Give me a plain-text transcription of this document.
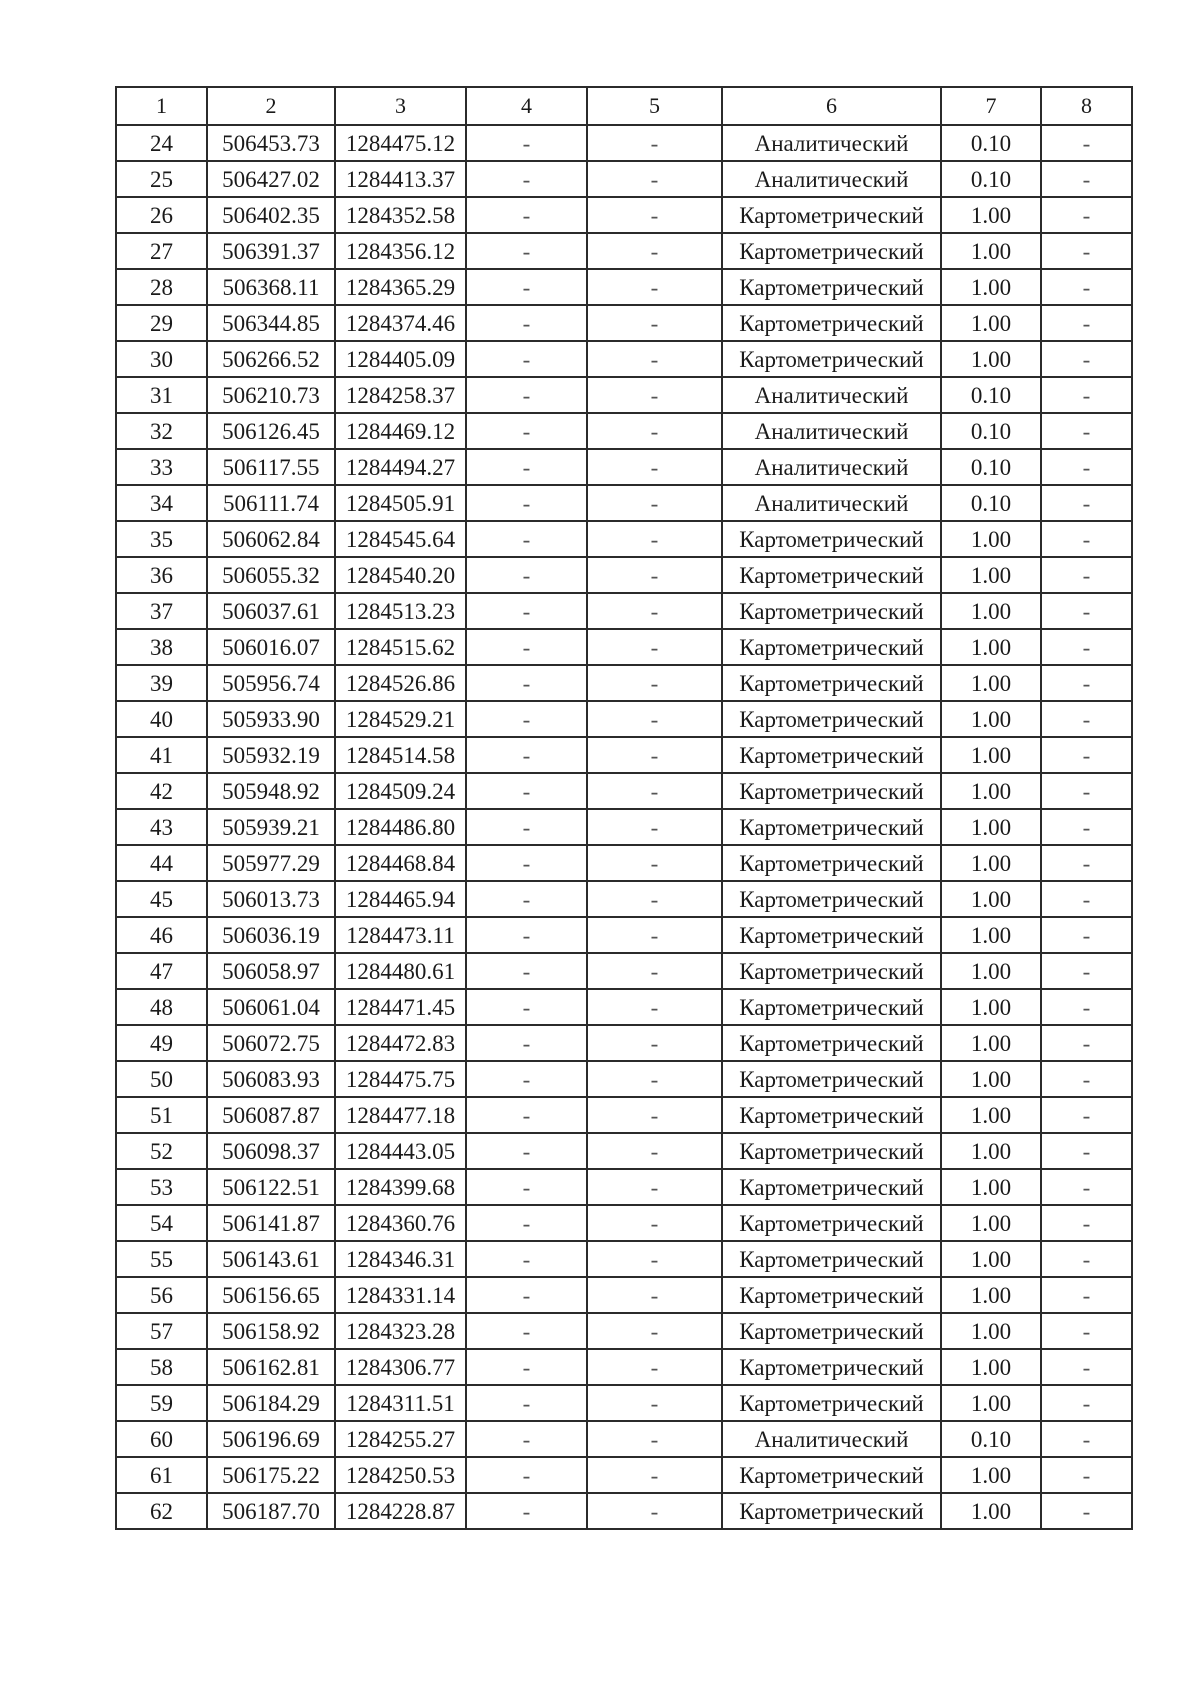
1	2	3	4	5	6	7	8
24	506453.73	1284475.12	-	-	Аналитический	0.10	-
25	506427.02	1284413.37	-	-	Аналитический	0.10	-
26	506402.35	1284352.58	-	-	Картометрический	1.00	-
27	506391.37	1284356.12	-	-	Картометрический	1.00	-
28	506368.11	1284365.29	-	-	Картометрический	1.00	-
29	506344.85	1284374.46	-	-	Картометрический	1.00	-
30	506266.52	1284405.09	-	-	Картометрический	1.00	-
31	506210.73	1284258.37	-	-	Аналитический	0.10	-
32	506126.45	1284469.12	-	-	Аналитический	0.10	-
33	506117.55	1284494.27	-	-	Аналитический	0.10	-
34	506111.74	1284505.91	-	-	Аналитический	0.10	-
35	506062.84	1284545.64	-	-	Картометрический	1.00	-
36	506055.32	1284540.20	-	-	Картометрический	1.00	-
37	506037.61	1284513.23	-	-	Картометрический	1.00	-
38	506016.07	1284515.62	-	-	Картометрический	1.00	-
39	505956.74	1284526.86	-	-	Картометрический	1.00	-
40	505933.90	1284529.21	-	-	Картометрический	1.00	-
41	505932.19	1284514.58	-	-	Картометрический	1.00	-
42	505948.92	1284509.24	-	-	Картометрический	1.00	-
43	505939.21	1284486.80	-	-	Картометрический	1.00	-
44	505977.29	1284468.84	-	-	Картометрический	1.00	-
45	506013.73	1284465.94	-	-	Картометрический	1.00	-
46	506036.19	1284473.11	-	-	Картометрический	1.00	-
47	506058.97	1284480.61	-	-	Картометрический	1.00	-
48	506061.04	1284471.45	-	-	Картометрический	1.00	-
49	506072.75	1284472.83	-	-	Картометрический	1.00	-
50	506083.93	1284475.75	-	-	Картометрический	1.00	-
51	506087.87	1284477.18	-	-	Картометрический	1.00	-
52	506098.37	1284443.05	-	-	Картометрический	1.00	-
53	506122.51	1284399.68	-	-	Картометрический	1.00	-
54	506141.87	1284360.76	-	-	Картометрический	1.00	-
55	506143.61	1284346.31	-	-	Картометрический	1.00	-
56	506156.65	1284331.14	-	-	Картометрический	1.00	-
57	506158.92	1284323.28	-	-	Картометрический	1.00	-
58	506162.81	1284306.77	-	-	Картометрический	1.00	-
59	506184.29	1284311.51	-	-	Картометрический	1.00	-
60	506196.69	1284255.27	-	-	Аналитический	0.10	-
61	506175.22	1284250.53	-	-	Картометрический	1.00	-
62	506187.70	1284228.87	-	-	Картометрический	1.00	-
